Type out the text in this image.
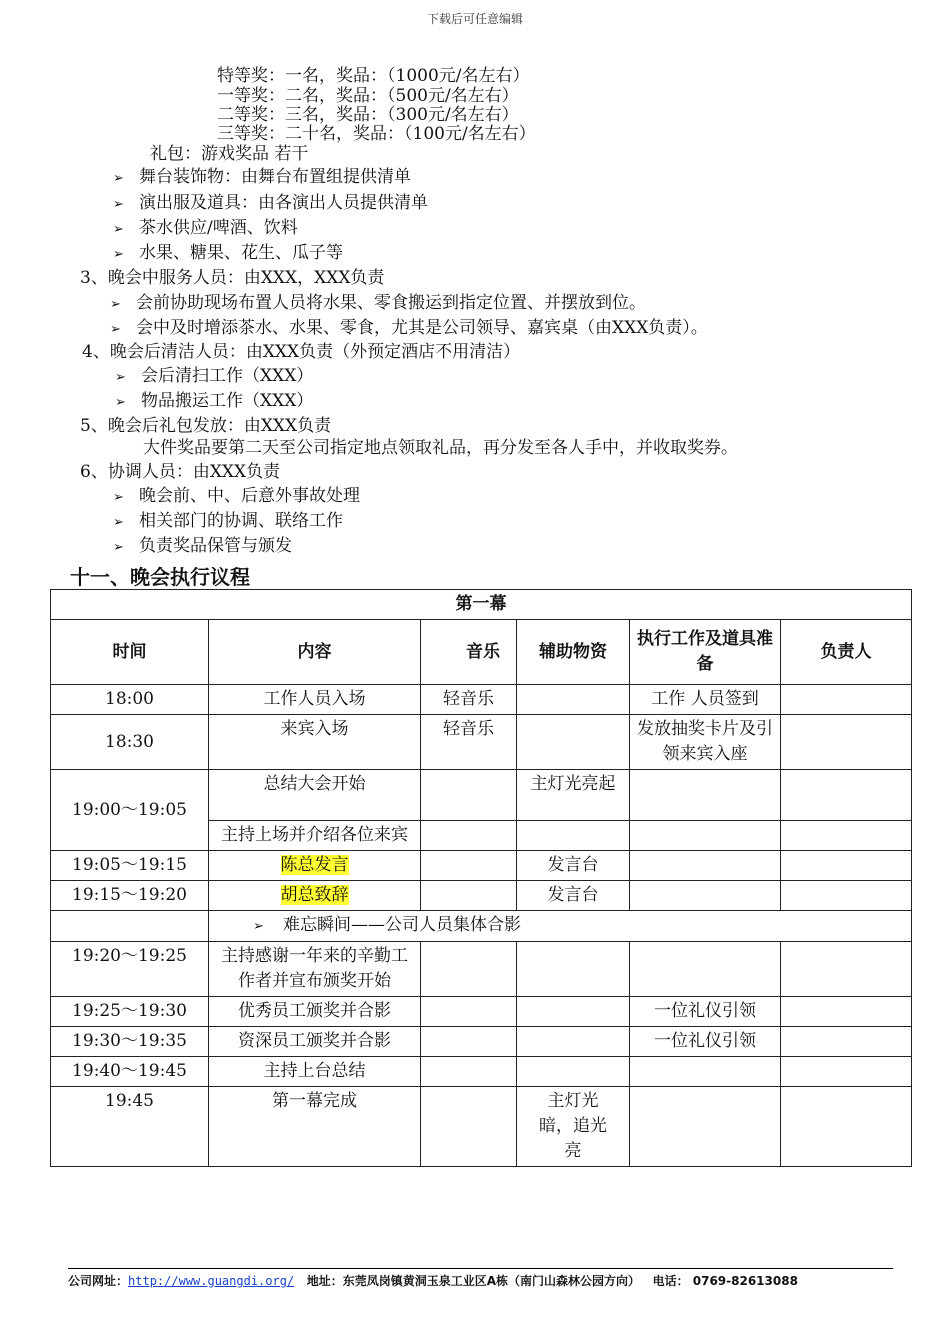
下载后可任意编辑
特等奖：一名，奖品：（1000元/名左右）
一等奖：二名，奖品：（500元/名左右）
二等奖：三名，奖品：（300元/名左右）
三等奖：二十名，奖品：（100元/名左右）
礼包：游戏奖品 若干
➢ 舞台装饰物：由舞台布置组提供清单
➢ 演出服及道具：由各演出人员提供清单
➢ 茶水供应/啤酒、饮料
➢ 水果、糖果、花生、瓜子等
3、晚会中服务人员：由XXX，XXX负责
➢ 会前协助现场布置人员将水果、零食搬运到指定位置、并摆放到位。
➢ 会中及时增添茶水、水果、零食，尤其是公司领导、嘉宾桌（由XXX负责）。
4、晚会后清洁人员：由XXX负责（外预定酒店不用清洁）
➢ 会后清扫工作（XXX）
➢ 物品搬运工作（XXX）
5、晚会后礼包发放：由XXX负责
大件奖品要第二天至公司指定地点领取礼品，再分发至各人手中，并收取奖券。
6、协调人员：由XXX负责
➢ 晚会前、中、后意外事故处理
➢ 相关部门的协调、联络工作
➢ 负责奖品保管与颁发
十一、晚会执行议程
第一幕					
时间	内容	音乐	辅助物资	执行工作及道具准备	负责人
18:00	工作人员入场	轻音乐		工作 人员签到	
18:30	来宾入场	轻音乐		发放抽奖卡片及引领来宾入座	
19:00～19:05	总结大会开始		主灯光亮起		
	主持上场并介绍各位来宾				
19:05～19:15	陈总发言		发言台		
19:15～19:20	胡总致辞		发言台		
	➢ 难忘瞬间——公司人员集体合影
19:20～19:25	主持感谢一年来的辛勤工作者并宣布颁奖开始				
19:25～19:30	优秀员工颁奖并合影			一位礼仪引领	
19:30～19:35	资深员工颁奖并合影			一位礼仪引领	
19:40～19:45	主持上台总结				
19:45	第一幕完成		主灯光暗，追光亮		
公司网址：http://www.guangdi.org/ 地址：东莞凤岗镇黄洞玉泉工业区A栋（南门山森林公园方向） 电话： 0769-82613088
